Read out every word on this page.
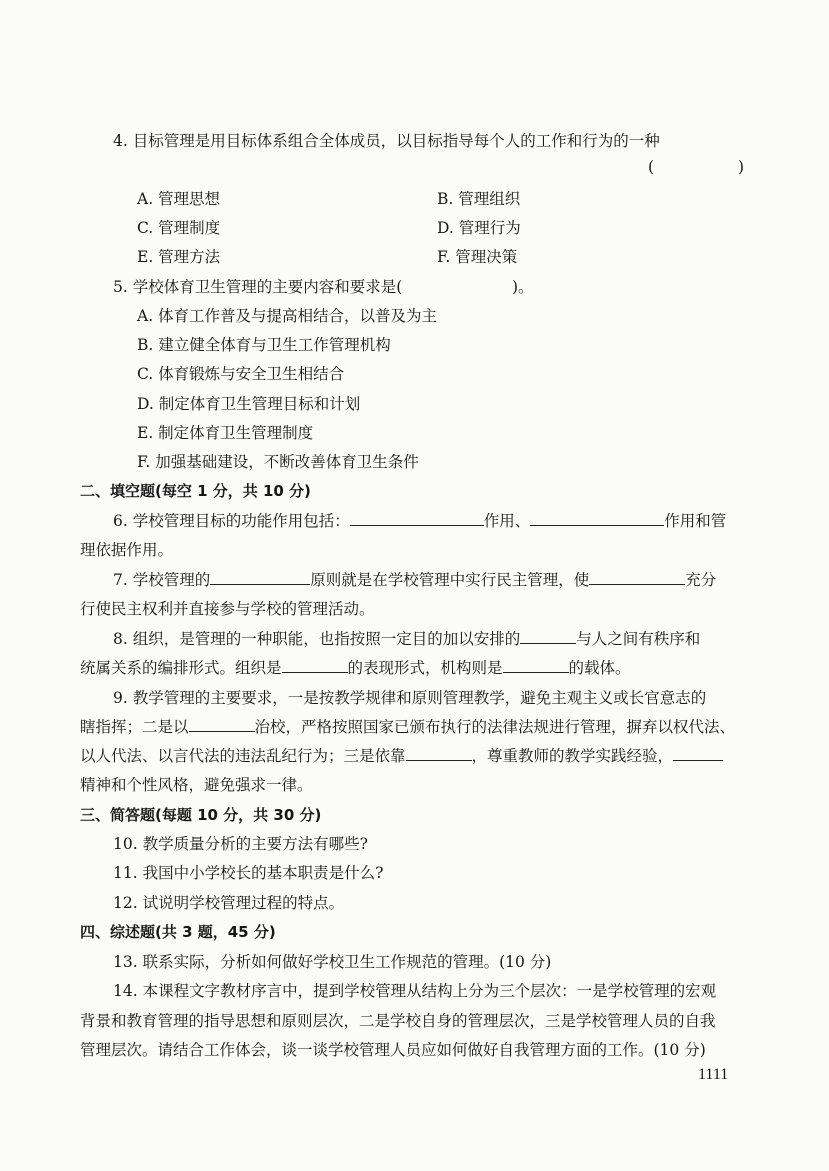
4. 目标管理是用目标体系组合全体成员，以目标指导每个人的工作和行为的一种
(	)
A. 管理思想	B. 管理组织
C. 管理制度	D. 管理行为
E. 管理方法	F. 管理决策
5. 学校体育卫生管理的主要内容和要求是(	)。
A. 体育工作普及与提高相结合，以普及为主
B. 建立健全体育与卫生工作管理机构
C. 体育锻炼与安全卫生相结合
D. 制定体育卫生管理目标和计划
E. 制定体育卫生管理制度
F. 加强基础建设，不断改善体育卫生条件
二、填空题(每空 1 分，共 10 分)
6. 学校管理目标的功能作用包括：	作用、	作用和管
理依据作用。
7. 学校管理的	原则就是在学校管理中实行民主管理，使	充分
行使民主权利并直接参与学校的管理活动。
8. 组织，是管理的一种职能，也指按照一定目的加以安排的	与人之间有秩序和
统属关系的编排形式。组织是	的表现形式，机构则是	的载体。
9. 教学管理的主要要求，一是按教学规律和原则管理教学，避免主观主义或长官意志的
瞎指挥；二是以	治校，严格按照国家已颁布执行的法律法规进行管理，摒弃以权代法、
以人代法、以言代法的违法乱纪行为；三是依靠	，尊重教师的教学实践经验，
精神和个性风格，避免强求一律。
三、简答题(每题 10 分，共 30 分)
10. 教学质量分析的主要方法有哪些?
11. 我国中小学校长的基本职责是什么?
12. 试说明学校管理过程的特点。
四、综述题(共 3 题，45 分)
13. 联系实际，分析如何做好学校卫生工作规范的管理。(10 分)
14. 本课程文字教材序言中，提到学校管理从结构上分为三个层次：一是学校管理的宏观
背景和教育管理的指导思想和原则层次，二是学校自身的管理层次，三是学校管理人员的自我
管理层次。请结合工作体会，谈一谈学校管理人员应如何做好自我管理方面的工作。(10 分)
1111
